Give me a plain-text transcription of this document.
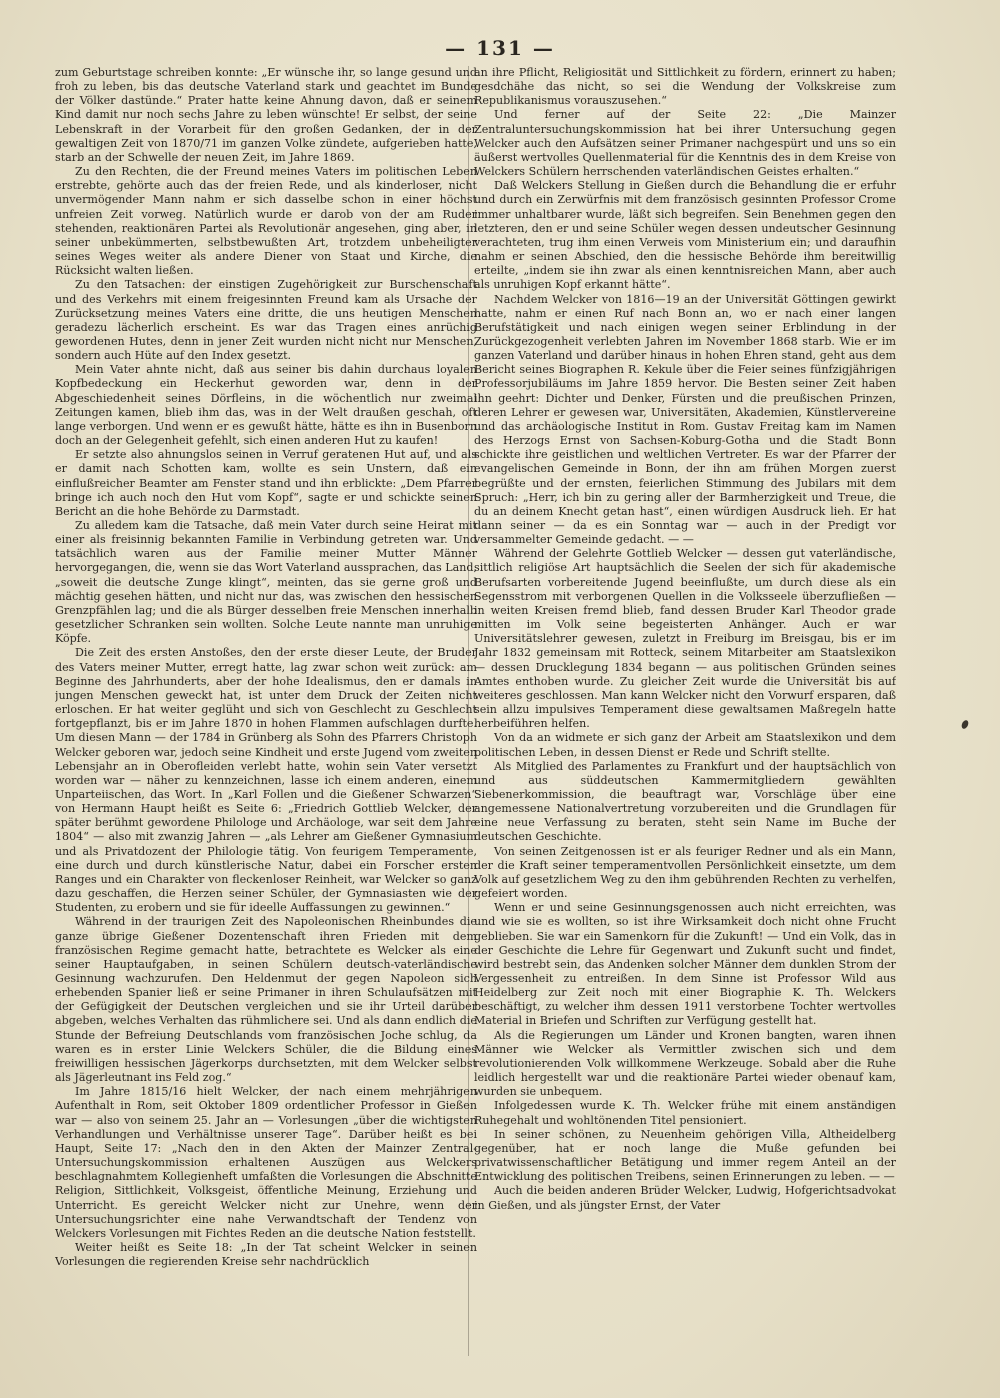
— 131 —

zum Geburtstage schreiben konnte: „Er wünsche ihr, so lange gesund und froh zu leben, bis das deutsche Vaterland stark und geachtet im Bunde der Völker dastünde.“ Prater hatte keine Ahnung davon, daß er seinem Kind damit nur noch sechs Jahre zu leben wünschte! Er selbst, der seine Lebenskraft in der Vorarbeit für den großen Gedanken, der in der gewaltigen Zeit von 1870/71 im ganzen Volke zündete, aufgerieben hatte, starb an der Schwelle der neuen Zeit, im Jahre 1869.

Zu den Rechten, die der Freund meines Vaters im politischen Leben erstrebte, gehörte auch das der freien Rede, und als kinderloser, nicht unvermögender Mann nahm er sich dasselbe schon in einer höchst unfreien Zeit vorweg. Natürlich wurde er darob von der am Ruder stehenden, reaktionären Partei als Revolutionär angesehen, ging aber, in seiner unbekümmerten, selbstbewußten Art, trotzdem unbeheiligter seines Weges weiter als andere Diener von Staat und Kirche, die Rücksicht walten ließen.

Zu den Tatsachen: der einstigen Zugehörigkeit zur Burschenschaft und des Verkehrs mit einem freigesinnten Freund kam als Ursache der Zurücksetzung meines Vaters eine dritte, die uns heutigen Menschen geradezu lächerlich erscheint. Es war das Tragen eines anrüchig gewordenen Hutes, denn in jener Zeit wurden nicht nicht nur Menschen, sondern auch Hüte auf den Index gesetzt.

Mein Vater ahnte nicht, daß aus seiner bis dahin durchaus loyalen Kopfbedeckung ein Heckerhut geworden war, denn in der Abgeschiedenheit seines Dörfleins, in die wöchentlich nur zweimal Zeitungen kamen, blieb ihm das, was in der Welt draußen geschah, oft lange verborgen. Und wenn er es gewußt hätte, hätte es ihn in Busenborn doch an der Gelegenheit gefehlt, sich einen anderen Hut zu kaufen!

Er setzte also ahnungslos seinen in Verruf geratenen Hut auf, und als er damit nach Schotten kam, wollte es sein Unstern, daß ein einflußreicher Beamter am Fenster stand und ihn erblickte: „Dem Pfarrer bringe ich auch noch den Hut vom Kopf“, sagte er und schickte seinen Bericht an die hohe Behörde zu Darmstadt.

Zu alledem kam die Tatsache, daß mein Vater durch seine Heirat mit einer als freisinnig bekannten Familie in Verbindung getreten war. Und tatsächlich waren aus der Familie meiner Mutter Männer hervorgegangen, die, wenn sie das Wort Vaterland aussprachen, das Land, „soweit die deutsche Zunge klingt“, meinten, das sie gerne groß und mächtig gesehen hätten, und nicht nur das, was zwischen den hessischen Grenzpfählen lag; und die als Bürger desselben freie Menschen innerhalb gesetzlicher Schranken sein wollten. Solche Leute nannte man unruhige Köpfe.

Die Zeit des ersten Anstoßes, den der erste dieser Leute, der Bruder des Vaters meiner Mutter, erregt hatte, lag zwar schon weit zurück: am Beginne des Jahrhunderts, aber der hohe Idealismus, den er damals in jungen Menschen geweckt hat, ist unter dem Druck der Zeiten nicht erloschen. Er hat weiter geglüht und sich von Geschlecht zu Geschlecht fortgepflanzt, bis er im Jahre 1870 in hohen Flammen aufschlagen durfte. Um diesen Mann — der 1784 in Grünberg als Sohn des Pfarrers Christoph Welcker geboren war, jedoch seine Kindheit und erste Jugend vom zweiten Lebensjahr an in Oberofleiden verlebt hatte, wohin sein Vater versetzt worden war — näher zu kennzeichnen, lasse ich einem anderen, einem Unparteiischen, das Wort. In „Karl Follen und die Gießener Schwarzen“ von Hermann Haupt heißt es Seite 6: „Friedrich Gottlieb Welcker, der später berühmt gewordene Philologe und Archäologe, war seit dem Jahre 1804“ — also mit zwanzig Jahren — „als Lehrer am Gießener Gymnasium und als Privatdozent der Philologie tätig. Von feurigem Temperamente, eine durch und durch künstlerische Natur, dabei ein Forscher ersten Ranges und ein Charakter von fleckenloser Reinheit, war Welcker so ganz dazu geschaffen, die Herzen seiner Schüler, der Gymnasiasten wie der Studenten, zu erobern und sie für ideelle Auffassungen zu gewinnen.“

Während in der traurigen Zeit des Napoleonischen Rheinbundes die ganze übrige Gießener Dozentenschaft ihren Frieden mit dem französischen Regime gemacht hatte, betrachtete es Welcker als eine seiner Hauptaufgaben, in seinen Schülern deutsch-vaterländische Gesinnung wachzurufen. Den Heldenmut der gegen Napoleon sich erhebenden Spanier ließ er seine Primaner in ihren Schulaufsätzen mit der Gefügigkeit der Deutschen vergleichen und sie ihr Urteil darüber abgeben, welches Verhalten das rühmlichere sei. Und als dann endlich die Stunde der Befreiung Deutschlands vom französischen Joche schlug, da waren es in erster Linie Welckers Schüler, die die Bildung eines freiwilligen hessischen Jägerkorps durchsetzten, mit dem Welcker selbst als Jägerleutnant ins Feld zog.“

Im Jahre 1815/16 hielt Welcker, der nach einem mehrjährigen Aufenthalt in Rom, seit Oktober 1809 ordentlicher Professor in Gießen war — also von seinem 25. Jahr an — Vorlesungen „über die wichtigsten Verhandlungen und Verhältnisse unserer Tage“. Darüber heißt es bei Haupt, Seite 17: „Nach den in den Akten der Mainzer Zentral-Untersuchungskommission erhaltenen Auszügen aus Welckers beschlagnahmtem Kollegienheft umfaßten die Vorlesungen die Abschnitte Religion, Sittlichkeit, Volksgeist, öffentliche Meinung, Erziehung und Unterricht. Es gereicht Welcker nicht zur Unehre, wenn der Untersuchungsrichter eine nahe Verwandtschaft der Tendenz von Welckers Vorlesungen mit Fichtes Reden an die deutsche Nation feststellt.

Weiter heißt es Seite 18: „In der Tat scheint Welcker in seinen Vorlesungen die regierenden Kreise sehr nachdrücklich

an ihre Pflicht, Religiosität und Sittlichkeit zu fördern, erinnert zu haben; gesdchähe das nicht, so sei die Wendung der Volkskreise zum Republikanismus vorauszusehen.“

Und ferner auf der Seite 22: „Die Mainzer Zentraluntersuchungskommission hat bei ihrer Untersuchung gegen Welcker auch den Aufsätzen seiner Primaner nachgespürt und uns so ein äußerst wertvolles Quellenmaterial für die Kenntnis des in dem Kreise von Welckers Schülern herrschenden vaterländischen Geistes erhalten.“

Daß Welckers Stellung in Gießen durch die Behandlung die er erfuhr und durch ein Zerwürfnis mit dem französisch gesinnten Professor Crome immer unhaltbarer wurde, läßt sich begreifen. Sein Benehmen gegen den letzteren, den er und seine Schüler wegen dessen undeutscher Gesinnung verachteten, trug ihm einen Verweis vom Ministerium ein; und daraufhin nahm er seinen Abschied, den die hessische Behörde ihm bereitwillig erteilte, „indem sie ihn zwar als einen kenntnisreichen Mann, aber auch als unruhigen Kopf erkannt hätte“.

Nachdem Welcker von 1816—19 an der Universität Göttingen gewirkt hatte, nahm er einen Ruf nach Bonn an, wo er nach einer langen Berufstätigkeit und nach einigen wegen seiner Erblindung in der Zurückgezogenheit verlebten Jahren im November 1868 starb. Wie er im ganzen Vaterland und darüber hinaus in hohen Ehren stand, geht aus dem Bericht seines Biographen R. Kekule über die Feier seines fünfzigjährigen Professorjubiläums im Jahre 1859 hervor. Die Besten seiner Zeit haben ihn geehrt: Dichter und Denker, Fürsten und die preußischen Prinzen, deren Lehrer er gewesen war, Universitäten, Akademien, Künstlervereine und das archäologische Institut in Rom. Gustav Freitag kam im Namen des Herzogs Ernst von Sachsen-Koburg-Gotha und die Stadt Bonn schickte ihre geistlichen und weltlichen Vertreter. Es war der Pfarrer der evangelischen Gemeinde in Bonn, der ihn am frühen Morgen zuerst begrüßte und der ernsten, feierlichen Stimmung des Jubilars mit dem Spruch: „Herr, ich bin zu gering aller der Barmherzigkeit und Treue, die du an deinem Knecht getan hast“, einen würdigen Ausdruck lieh. Er hat dann seiner — da es ein Sonntag war — auch in der Predigt vor versammelter Gemeinde gedacht. — —

Während der Gelehrte Gottlieb Welcker — dessen gut vaterländische, sittlich religiöse Art hauptsächlich die Seelen der sich für akademische Berufsarten vorbereitende Jugend beeinflußte, um durch diese als ein Segensstrom mit verborgenen Quellen in die Volksseele überzufließen — in weiten Kreisen fremd blieb, fand dessen Bruder Karl Theodor grade mitten im Volk seine begeisterten Anhänger. Auch er war Universitätslehrer gewesen, zuletzt in Freiburg im Breisgau, bis er im Jahr 1832 gemeinsam mit Rotteck, seinem Mitarbeiter am Staatslexikon — dessen Drucklegung 1834 begann — aus politischen Gründen seines Amtes enthoben wurde. Zu gleicher Zeit wurde die Universität bis auf weiteres geschlossen. Man kann Welcker nicht den Vorwurf ersparen, daß sein allzu impulsives Temperament diese gewaltsamen Maßregeln hatte herbeiführen helfen.

Von da an widmete er sich ganz der Arbeit am Staatslexikon und dem politischen Leben, in dessen Dienst er Rede und Schrift stellte.

Als Mitglied des Parlamentes zu Frankfurt und der hauptsächlich von und aus süddeutschen Kammermitgliedern gewählten Siebenerkommission, die beauftragt war, Vorschläge über eine angemessene Nationalvertretung vorzubereiten und die Grundlagen für eine neue Verfassung zu beraten, steht sein Name im Buche der deutschen Geschichte.

Von seinen Zeitgenossen ist er als feuriger Redner und als ein Mann, der die Kraft seiner temperamentvollen Persönlichkeit einsetzte, um dem Volk auf gesetzlichem Weg zu den ihm gebührenden Rechten zu verhelfen, gefeiert worden.

Wenn er und seine Gesinnungsgenossen auch nicht erreichten, was und wie sie es wollten, so ist ihre Wirksamkeit doch nicht ohne Frucht geblieben. Sie war ein Samenkorn für die Zukunft! — Und ein Volk, das in der Geschichte die Lehre für Gegenwart und Zukunft sucht und findet, wird bestrebt sein, das Andenken solcher Männer dem dunklen Strom der Vergessenheit zu entreißen. In dem Sinne ist Professor Wild aus Heidelberg zur Zeit noch mit einer Biographie K. Th. Welckers beschäftigt, zu welcher ihm dessen 1911 verstorbene Tochter wertvolles Material in Briefen und Schriften zur Verfügung gestellt hat.

Als die Regierungen um Länder und Kronen bangten, waren ihnen Männer wie Welcker als Vermittler zwischen sich und dem revolutionierenden Volk willkommene Werkzeuge. Sobald aber die Ruhe leidlich hergestellt war und die reaktionäre Partei wieder obenauf kam, wurden sie unbequem.

Infolgedessen wurde K. Th. Welcker frühe mit einem anständigen Ruhegehalt und wohltönenden Titel pensioniert.

In seiner schönen, zu Neuenheim gehörigen Villa, Altheidelberg gegenüber, hat er noch lange die Muße gefunden bei privatwissenschaftlicher Betätigung und immer regem Anteil an der Entwicklung des politischen Treibens, seinen Erinnerungen zu leben. — —

Auch die beiden anderen Brüder Welcker, Ludwig, Hofgerichtsadvokat in Gießen, und als jüngster Ernst, der Vater
